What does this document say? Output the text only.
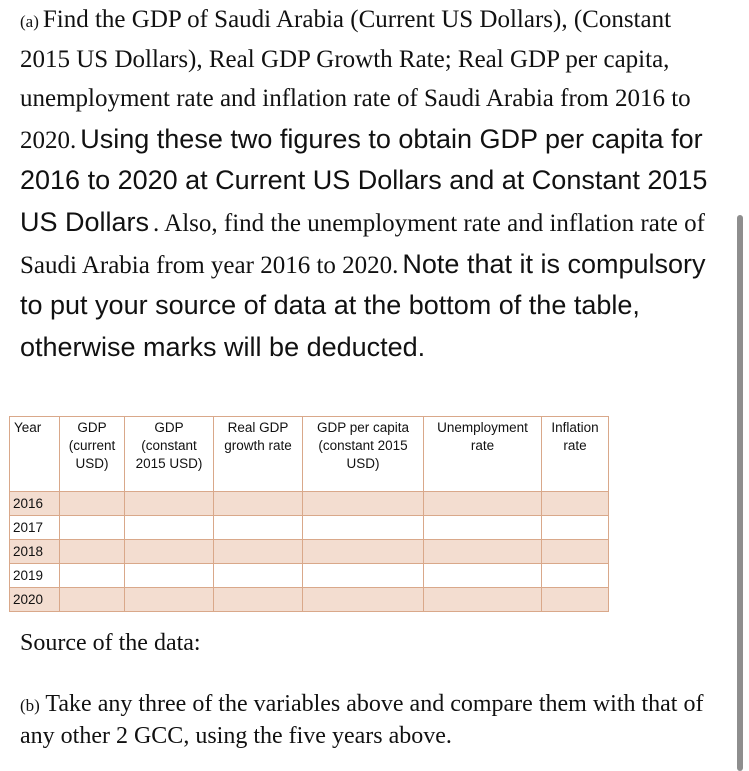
(a) Find the GDP of Saudi Arabia (Current US Dollars), (Constant 2015 US Dollars), Real GDP Growth Rate; Real GDP per capita, unemployment rate and inflation rate of Saudi Arabia from 2016 to 2020. Using these two figures to obtain GDP per capita for 2016 to 2020 at Current US Dollars and at Constant 2015 US Dollars . Also, find the unemployment rate and inflation rate of Saudi Arabia from year 2016 to 2020. Note that it is compulsory to put your source of data at the bottom of the table, otherwise marks will be deducted.

Year	GDP (current USD)	GDP (constant 2015 USD)	Real GDP growth rate	GDP per capita (constant 2015 USD)	Unemployment rate	Inflation rate
2016						
2017						
2018						
2019						
2020						

Source of the data:

(b) Take any three of the variables above and compare them with that of any other 2 GCC, using the five years above.
